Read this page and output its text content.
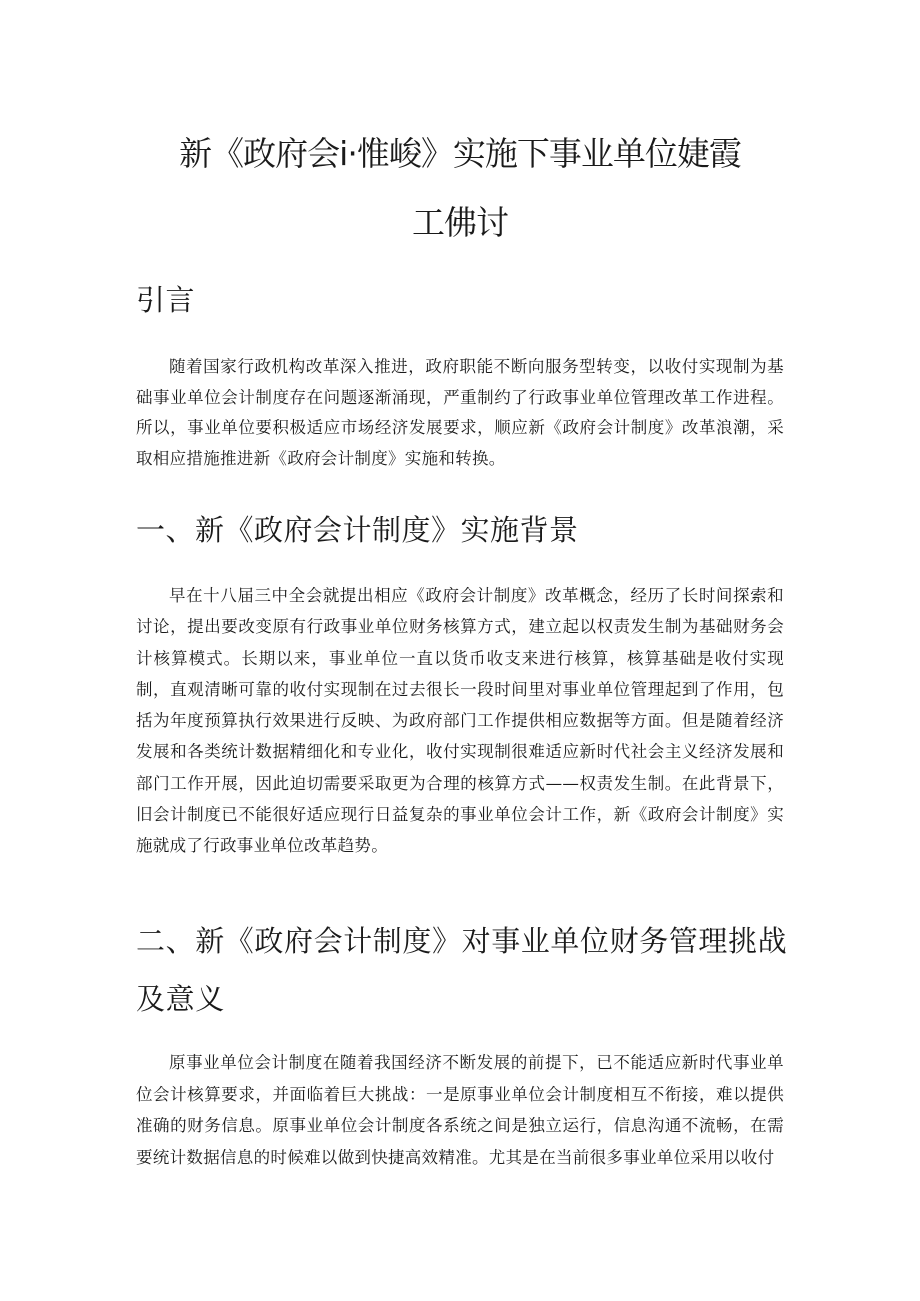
新《政府会i·惟峻》实施下事业单位婕霞
工佛讨
引言

随着国家行政机构改革深入推进，政府职能不断向服务型转变，以收付实现制为基础事业单位会计制度存在问题逐渐涌现，严重制约了行政事业单位管理改革工作进程。所以，事业单位要积极适应市场经济发展要求，顺应新《政府会计制度》改革浪潮，采取相应措施推进新《政府会计制度》实施和转换。

一、新《政府会计制度》实施背景

早在十八届三中全会就提出相应《政府会计制度》改革概念，经历了长时间探索和讨论，提出要改变原有行政事业单位财务核算方式，建立起以权责发生制为基础财务会计核算模式。长期以来，事业单位一直以货币收支来进行核算，核算基础是收付实现制，直观清晰可靠的收付实现制在过去很长一段时间里对事业单位管理起到了作用，包括为年度预算执行效果进行反映、为政府部门工作提供相应数据等方面。但是随着经济发展和各类统计数据精细化和专业化，收付实现制很难适应新时代社会主义经济发展和部门工作开展，因此迫切需要采取更为合理的核算方式——权责发生制。在此背景下，旧会计制度已不能很好适应现行日益复杂的事业单位会计工作，新《政府会计制度》实施就成了行政事业单位改革趋势。

二、新《政府会计制度》对事业单位财务管理挑战及意义

原事业单位会计制度在随着我国经济不断发展的前提下，已不能适应新时代事业单位会计核算要求，并面临着巨大挑战：一是原事业单位会计制度相互不衔接，难以提供准确的财务信息。原事业单位会计制度各系统之间是独立运行，信息沟通不流畅，在需要统计数据信息的时候难以做到快捷高效精准。尤其是在当前很多事业单位采用以收付
